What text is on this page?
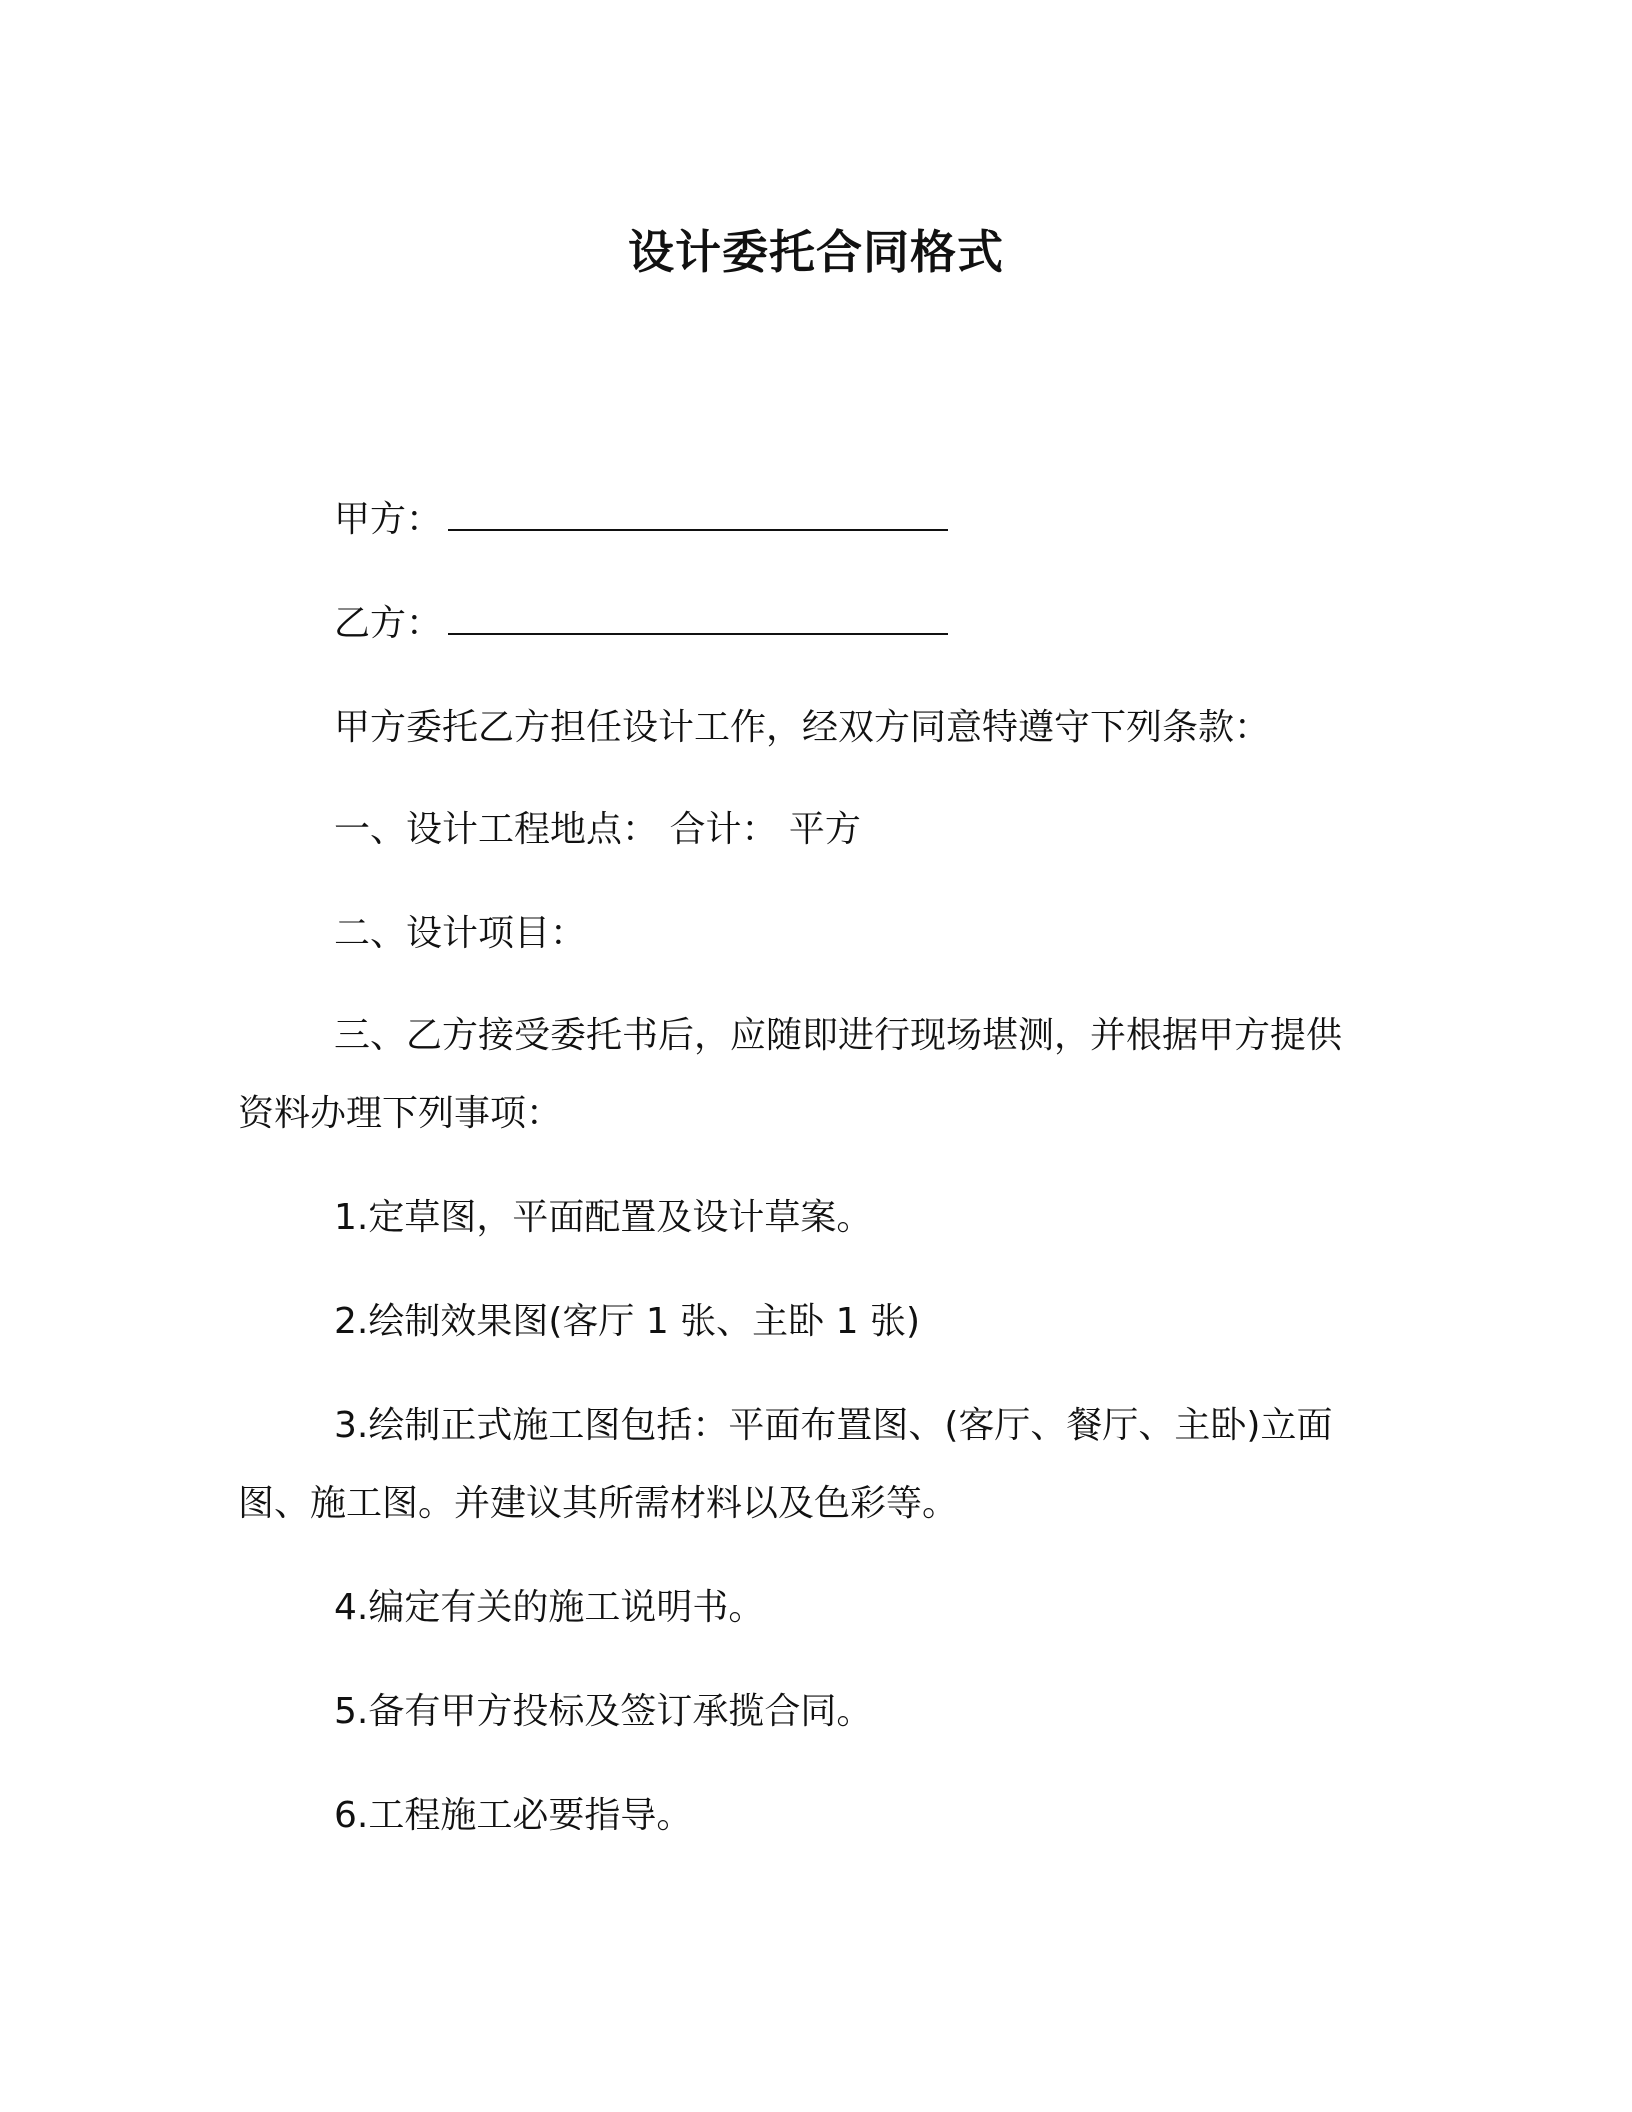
设计委托合同格式
甲方：
乙方：
甲方委托乙方担任设计工作，经双方同意特遵守下列条款：
一、设计工程地点： 合计： 平方
二、设计项目：
三、乙方接受委托书后，应随即进行现场堪测，并根据甲方提供
资料办理下列事项：
1.定草图，平面配置及设计草案。
2.绘制效果图(客厅 1 张、主卧 1 张)
3.绘制正式施工图包括：平面布置图、(客厅、餐厅、主卧)立面
图、施工图。并建议其所需材料以及色彩等。
4.编定有关的施工说明书。
5.备有甲方投标及签订承揽合同。
6.工程施工必要指导。
